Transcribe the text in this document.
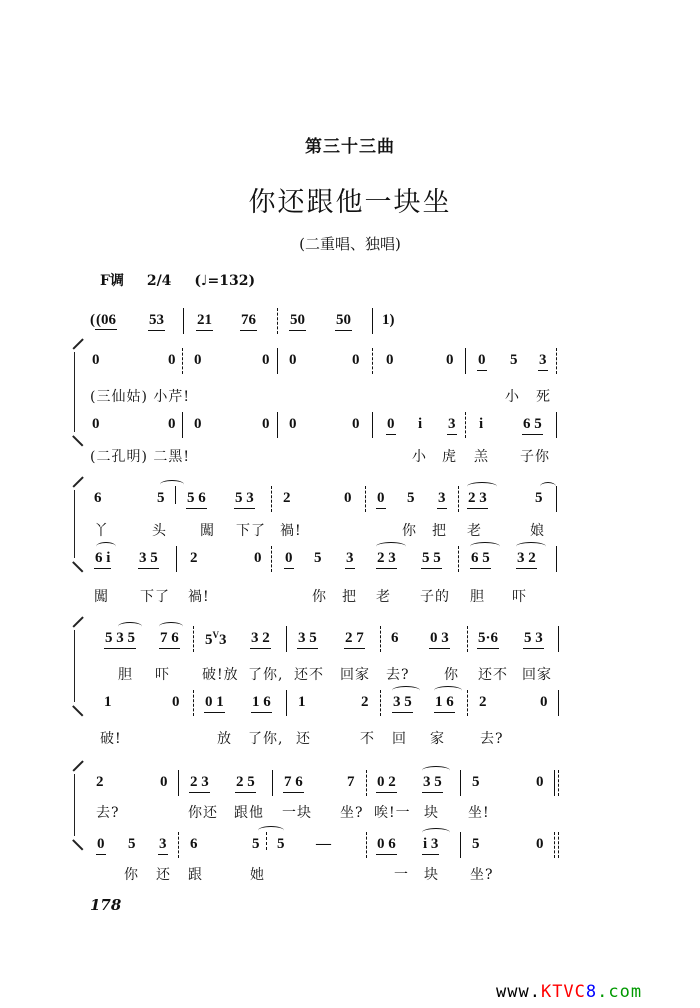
第三十三曲
你还跟他一块坐
(二重唱、独唱)
F调 2/4 (♩=132)
((06 53 21 76 50 50 1)
0	0 0	0 0	0 0	0 0 5 3
(三仙姑) 小芹!	小 死
0	0 0	0 0	0 0 i 3 i	6 5
(二孔明) 二黑!	小 虎 羔 子你
6	5 5 6 5 3 2	0 0 5 3 2 3	5
丫	头 闖 下了 禍!	你 把 老	娘
6 i 3 5 2	0 0 5 3 2 3 5 5 6 5 3 2
闖 下了 禍!	你 把 老 子的 胆 吓
5 3 5 7 6 $5^V3$ 3 2 3 5 2 7 6 0 3 5·6 5 3
胆 吓 破!放 了你, 还不 回家 去? 你 还不 回家
1	0 0 1 1 6 1	2 3 5 1 6 2	0
破!	放 了你, 还	不 回 家	去?
2	0 2 3 2 5 7 6	7 0 2 3 5 5	0
去?	你还 跟他 一块 坐? 唉!一 块 坐!
0 5 3 6	5 5 —	0 6 i 3 5	0
你 还 跟	她	一 块 坐?
178
www.KTVC8.com
